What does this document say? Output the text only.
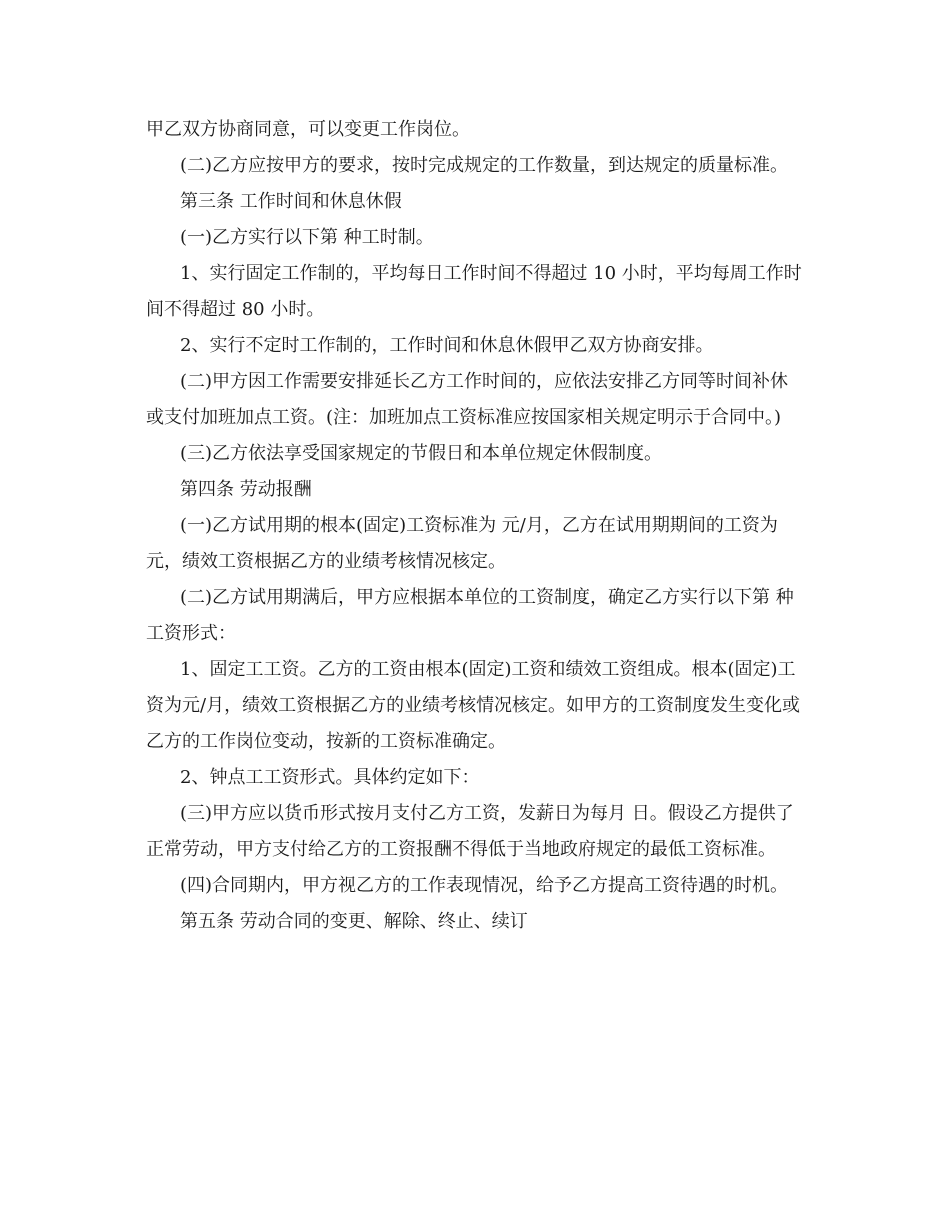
甲乙双方协商同意，可以变更工作岗位。

(二)乙方应按甲方的要求，按时完成规定的工作数量，到达规定的质量标准。

第三条 工作时间和休息休假

(一)乙方实行以下第 种工时制。

1、实行固定工作制的，平均每日工作时间不得超过 10 小时，平均每周工作时间不得超过 80 小时。

2、实行不定时工作制的，工作时间和休息休假甲乙双方协商安排。

(二)甲方因工作需要安排延长乙方工作时间的，应依法安排乙方同等时间补休或支付加班加点工资。(注：加班加点工资标准应按国家相关规定明示于合同中。)

(三)乙方依法享受国家规定的节假日和本单位规定休假制度。

第四条 劳动报酬

(一)乙方试用期的根本(固定)工资标准为 元/月，乙方在试用期期间的工资为 元，绩效工资根据乙方的业绩考核情况核定。

(二)乙方试用期满后，甲方应根据本单位的工资制度，确定乙方实行以下第 种工资形式：

1、固定工工资。乙方的工资由根本(固定)工资和绩效工资组成。根本(固定)工资为元/月，绩效工资根据乙方的业绩考核情况核定。如甲方的工资制度发生变化或乙方的工作岗位变动，按新的工资标准确定。

2、钟点工工资形式。具体约定如下：

(三)甲方应以货币形式按月支付乙方工资，发薪日为每月 日。假设乙方提供了正常劳动，甲方支付给乙方的工资报酬不得低于当地政府规定的最低工资标准。

(四)合同期内，甲方视乙方的工作表现情况，给予乙方提高工资待遇的时机。

第五条 劳动合同的变更、解除、终止、续订
